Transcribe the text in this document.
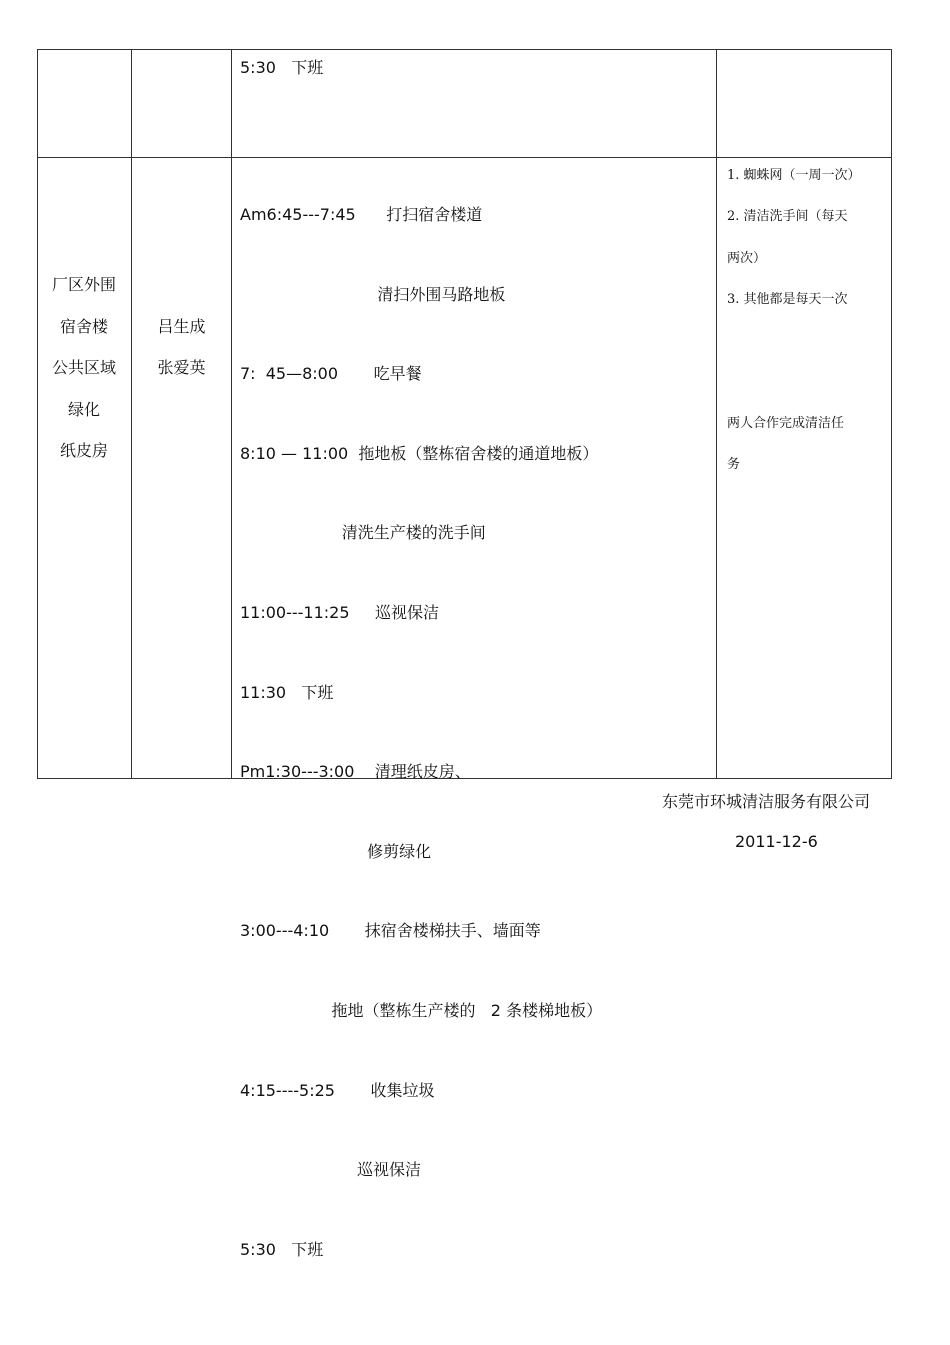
5:30   下班
厂区外围
宿舍楼
公共区域
绿化
纸皮房
吕生成
张爱英

Am6:45---7:45      打扫宿舍楼道

清扫外围马路地板

7:  45—8:00       吃早餐

8:10 — 11:00  拖地板（整栋宿舍楼的通道地板）

清洗生产楼的洗手间

11:00---11:25     巡视保洁

11:30   下班

Pm1:30---3:00    清理纸皮房、

修剪绿化

3:00---4:10       抹宿舍楼梯扶手、墙面等

拖地（整栋生产楼的   2 条楼梯地板）

4:15----5:25       收集垃圾

巡视保洁

5:30   下班

1. 蜘蛛网（一周一次）
2. 清洁洗手间（每天
两次）
3. 其他都是每天一次
两人合作完成清洁任
务
东莞市环城清洁服务有限公司
2011-12-6
